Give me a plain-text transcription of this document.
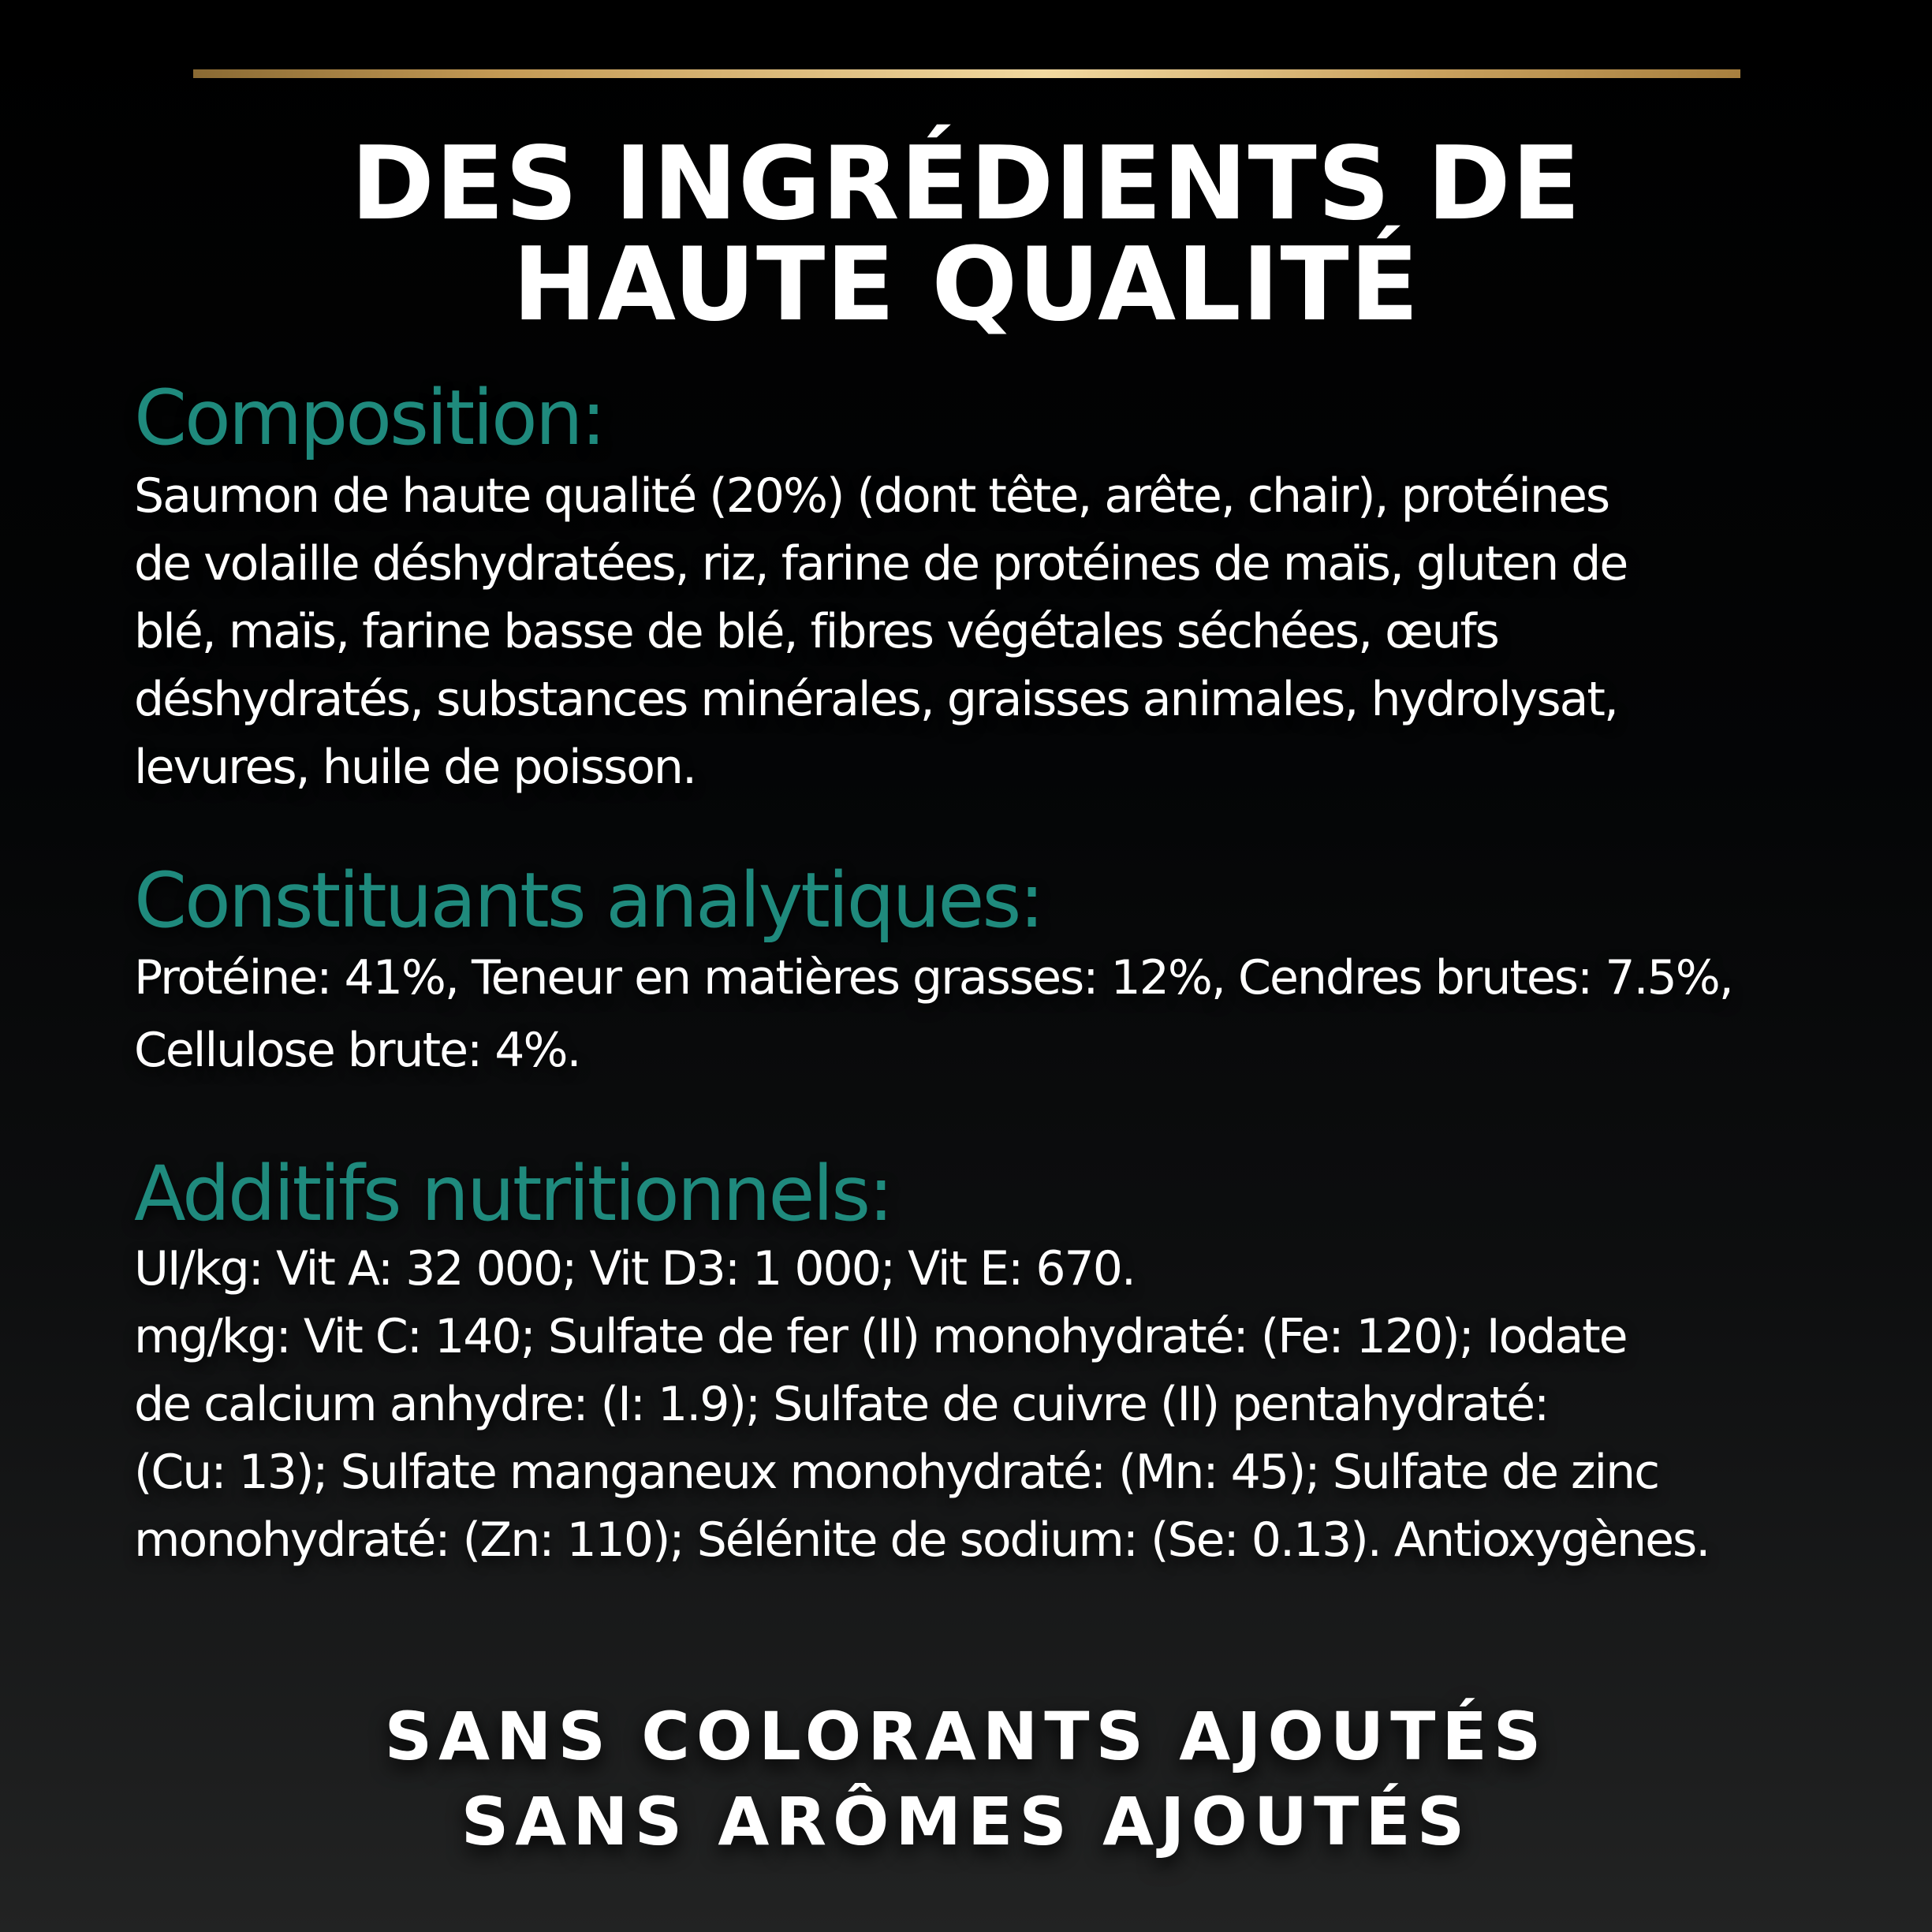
DES INGRÉDIENTS DE
HAUTE QUALITÉ
Composition:
Saumon de haute qualité (20%) (dont tête, arête, chair), protéines
de volaille déshydratées, riz, farine de protéines de maïs, gluten de
blé, maïs, farine basse de blé, fibres végétales séchées, œufs
déshydratés, substances minérales, graisses animales, hydrolysat,
levures, huile de poisson.
Constituants analytiques:
Protéine: 41%, Teneur en matières grasses: 12%, Cendres brutes: 7.5%,
Cellulose brute: 4%.
Additifs nutritionnels:
UI/kg: Vit A: 32 000; Vit D3: 1 000; Vit E: 670.
mg/kg: Vit C: 140; Sulfate de fer (II) monohydraté: (Fe: 120); Iodate
de calcium anhydre: (I: 1.9); Sulfate de cuivre (II) pentahydraté:
(Cu: 13); Sulfate manganeux monohydraté: (Mn: 45); Sulfate de zinc
monohydraté: (Zn: 110); Sélénite de sodium: (Se: 0.13). Antioxygènes.
SANS COLORANTS AJOUTÉS
SANS ARÔMES AJOUTÉS
